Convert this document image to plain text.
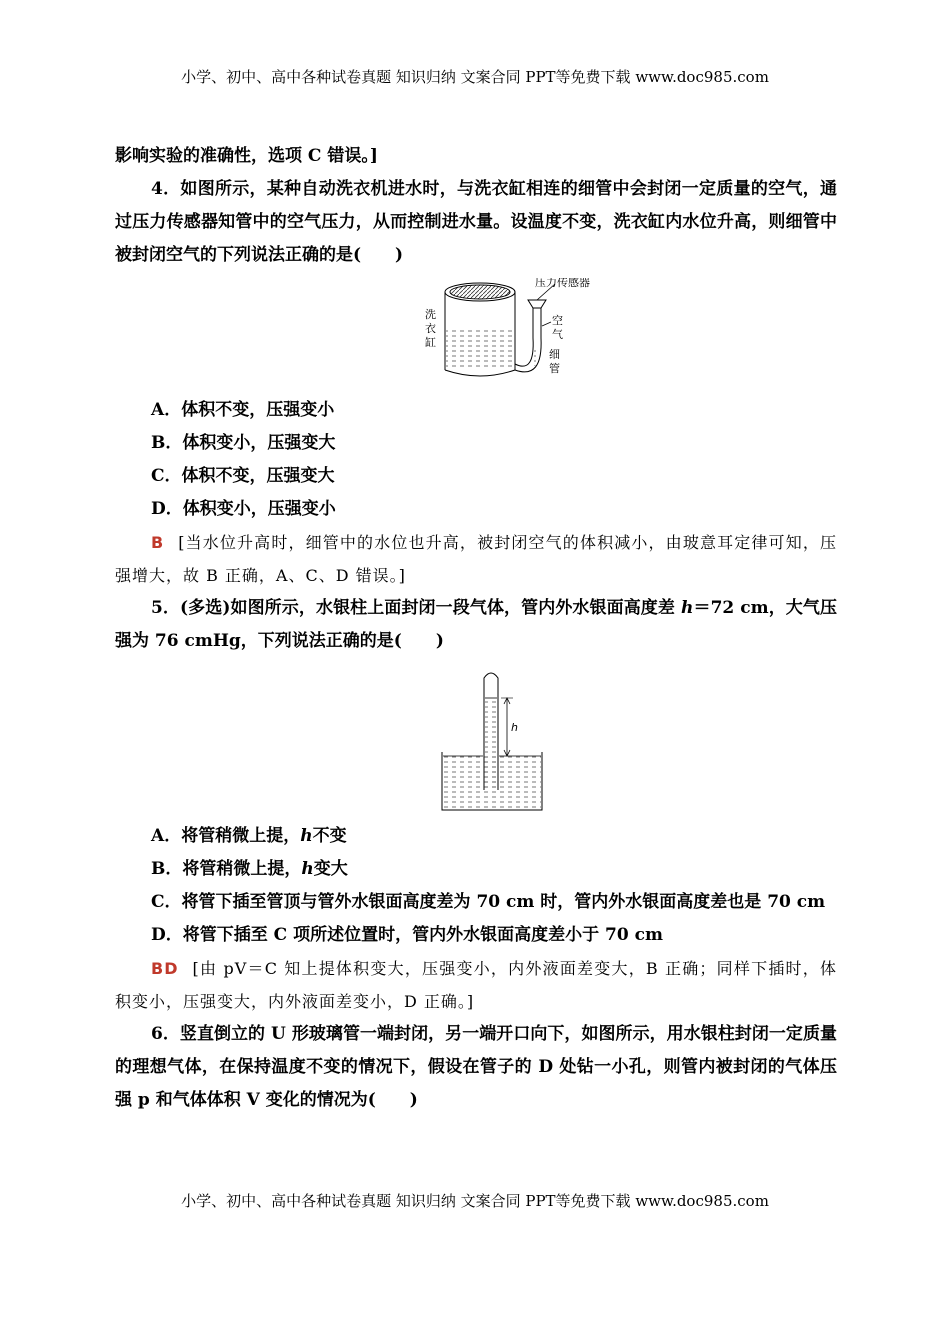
小学、初中、高中各种试卷真题 知识归纳 文案合同 PPT等免费下载 www.doc985.com

影响实验的准确性，选项 C 错误。]

4．如图所示，某种自动洗衣机进水时，与洗衣缸相连的细管中会封闭一定质量的空气，通过压力传感器知管中的空气压力，从而控制进水量。设温度不变，洗衣缸内水位升高，则细管中被封闭空气的下列说法正确的是(　　)

压力传感器
洗
衣
缸
空
气
细
管

A．体积不变，压强变小

B．体积变小，压强变大

C．体积不变，压强变大

D．体积变小，压强变小

B [当水位升高时，细管中的水位也升高，被封闭空气的体积减小，由玻意耳定律可知，压强增大，故 B 正确，A、C、D 错误。]

5．(多选)如图所示，水银柱上面封闭一段气体，管内外水银面高度差 h＝72 cm，大气压强为 76 cmHg，下列说法正确的是(　　)

h

A．将管稍微上提，h不变

B．将管稍微上提，h变大

C．将管下插至管顶与管外水银面高度差为 70 cm 时，管内外水银面高度差也是 70 cm

D．将管下插至 C 项所述位置时，管内外水银面高度差小于 70 cm

BD [由 pV＝C 知上提体积变大，压强变小，内外液面差变大，B 正确；同样下插时，体积变小，压强变大，内外液面差变小，D 正确。]

6．竖直倒立的 U 形玻璃管一端封闭，另一端开口向下，如图所示，用水银柱封闭一定质量的理想气体，在保持温度不变的情况下，假设在管子的 D 处钻一小孔，则管内被封闭的气体压强 p 和气体体积 V 变化的情况为(　　)

小学、初中、高中各种试卷真题 知识归纳 文案合同 PPT等免费下载 www.doc985.com
